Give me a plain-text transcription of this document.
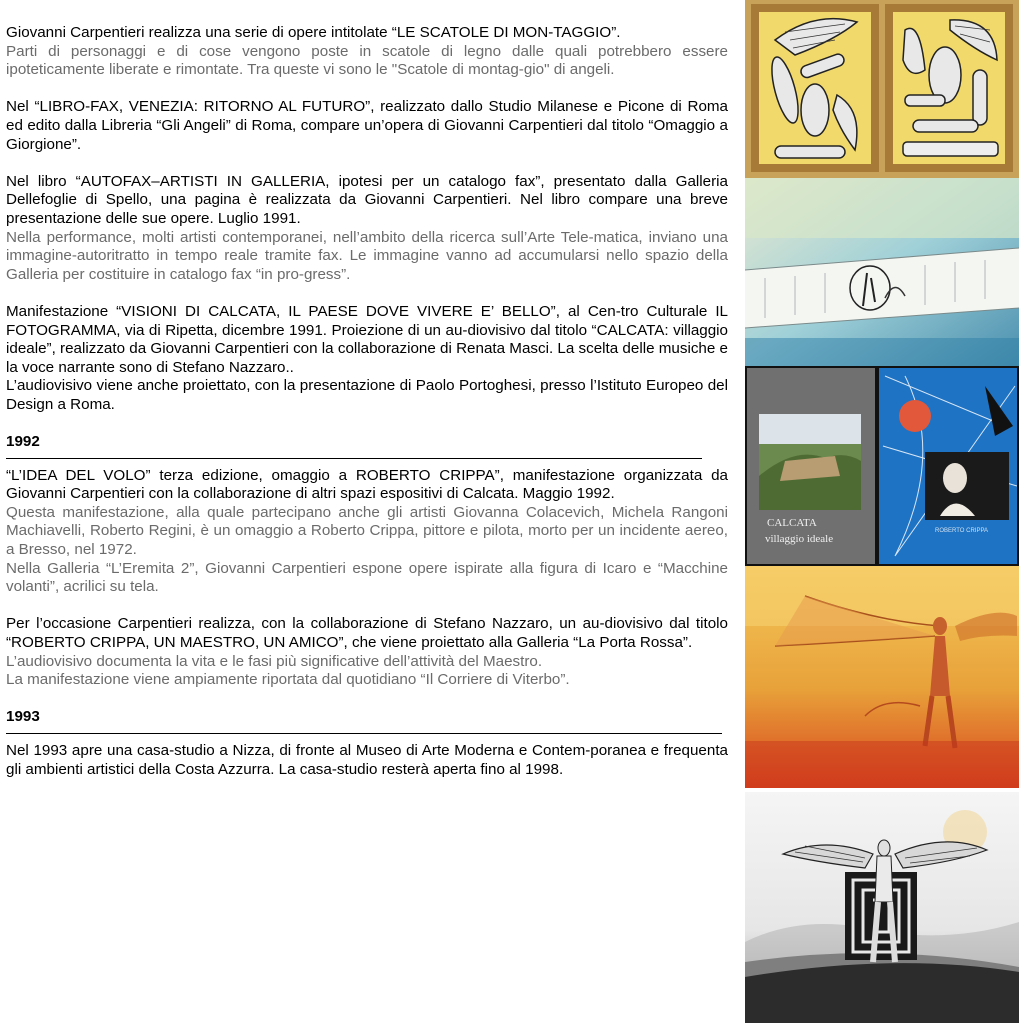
Giovanni Carpentieri realizza una serie di opere intitolate “LE SCATOLE DI MON-TAGGIO”.

Parti di personaggi e di cose vengono poste in scatole di legno dalle quali potrebbero essere ipoteticamente liberate e rimontate. Tra queste vi sono le "Scatole di montag-gio" di angeli.

Nel “LIBRO-FAX, VENEZIA: RITORNO AL FUTURO”, realizzato dallo Studio Milanese e Picone di Roma ed edito dalla Libreria “Gli Angeli” di Roma, compare un’opera di Giovanni Carpentieri dal titolo “Omaggio a Giorgione”.

Nel libro “AUTOFAX–ARTISTI IN GALLERIA, ipotesi per un catalogo fax”, presentato dalla Galleria Dellefoglie di Spello, una pagina è realizzata da Giovanni Carpentieri. Nel libro compare una breve presentazione delle sue opere. Luglio 1991.

Nella performance, molti artisti contemporanei, nell’ambito della ricerca sull’Arte Tele-matica, inviano una immagine-autoritratto in tempo reale tramite fax. Le immagine vanno ad accumularsi nello spazio della Galleria per costituire in catalogo fax “in pro-gress”.

Manifestazione “VISIONI DI CALCATA, IL PAESE DOVE VIVERE E’ BELLO”, al Cen-tro Culturale IL FOTOGRAMMA, via di Ripetta, dicembre 1991. Proiezione di un au-diovisivo dal titolo “CALCATA: villaggio ideale”, realizzato da Giovanni Carpentieri con la collaborazione di Renata Masci. La scelta delle musiche e la voce narrante sono di Stefano Nazzaro..

L’audiovisivo viene anche proiettato, con la presentazione di Paolo Portoghesi, presso l’Istituto Europeo del Design a Roma.

1992

“L’IDEA DEL VOLO” terza edizione, omaggio a ROBERTO CRIPPA”, manifestazione organizzata da Giovanni Carpentieri con la collaborazione di altri spazi espositivi di Calcata. Maggio 1992.

Questa manifestazione, alla quale partecipano anche gli artisti Giovanna Colacevich, Michela Rangoni Machiavelli, Roberto Regini, è un omaggio a Roberto Crippa, pittore e pilota, morto per un incidente aereo, a Bresso, nel 1972.

Nella Galleria “L’Eremita 2”, Giovanni Carpentieri espone opere ispirate alla figura di Icaro e “Macchine volanti”, acrilici su tela.

Per l’occasione Carpentieri realizza, con la collaborazione di Stefano Nazzaro, un au-diovisivo dal titolo “ROBERTO CRIPPA, UN MAESTRO, UN AMICO”, che viene proiettato alla Galleria “La Porta Rossa”.

L’audiovisivo documenta la vita e le fasi più significative dell’attività del Maestro.

La manifestazione viene ampiamente riportata dal quotidiano “Il Corriere di Viterbo”.

1993

Nel 1993 apre una casa-studio a Nizza, di fronte al Museo di Arte Moderna e Contem-poranea e frequenta gli ambienti artistici della Costa Azzurra. La casa-studio resterà aperta fino al 1998.

CALCATA
villaggio ideale
ROBERTO CRIPPA
